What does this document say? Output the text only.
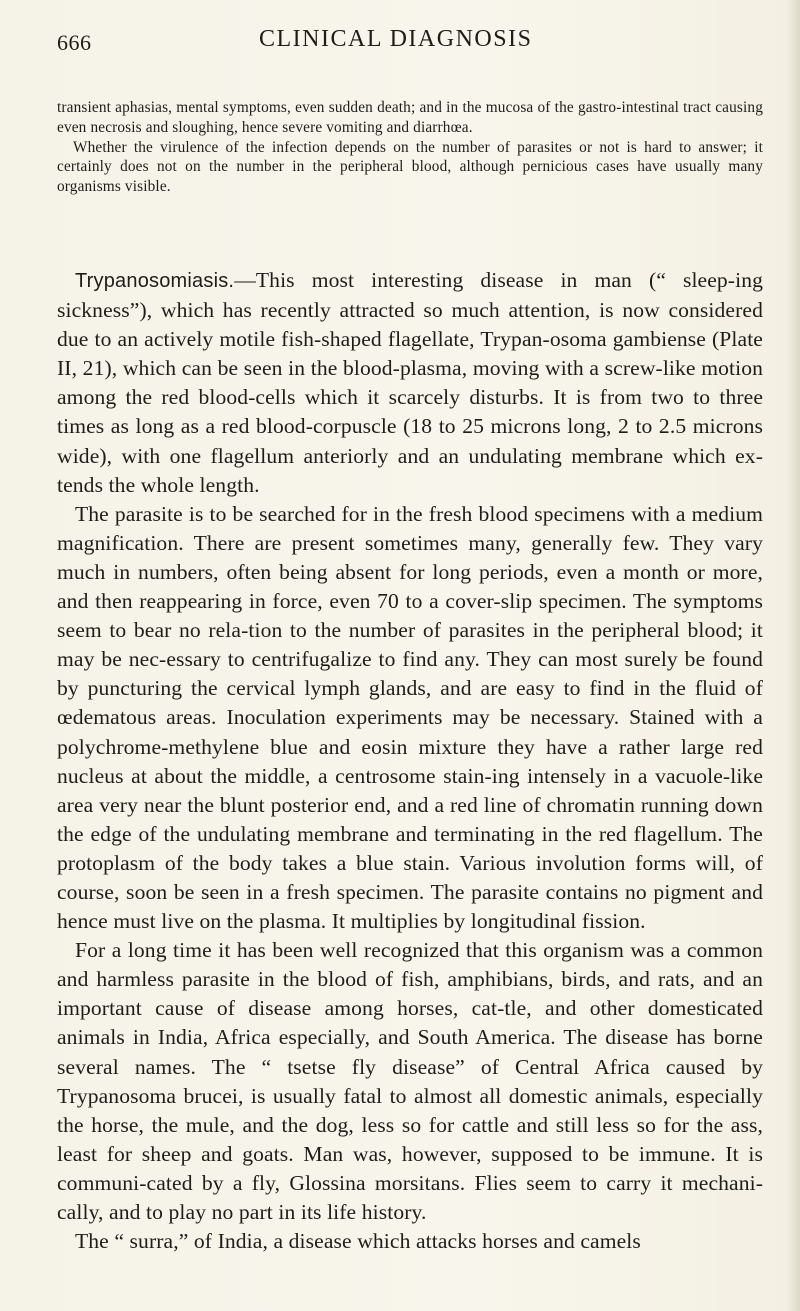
666	CLINICAL DIAGNOSIS

transient aphasias, mental symptoms, even sudden death; and in the mucosa of the gastro-intestinal tract causing even necrosis and sloughing, hence severe vomiting and diarrhœa.

Whether the virulence of the infection depends on the number of parasites or not is hard to answer; it certainly does not on the number in the peripheral blood, although pernicious cases have usually many organisms visible.

Trypanosomiasis.—This most interesting disease in man (“ sleep-ing sickness”), which has recently attracted so much attention, is now considered due to an actively motile fish-shaped flagellate, Trypan-osoma gambiense (Plate II, 21), which can be seen in the blood-plasma, moving with a screw-like motion among the red blood-cells which it scarcely disturbs. It is from two to three times as long as a red blood-corpuscle (18 to 25 microns long, 2 to 2.5 microns wide), with one flagellum anteriorly and an undulating membrane which ex-tends the whole length.

The parasite is to be searched for in the fresh blood specimens with a medium magnification. There are present sometimes many, generally few. They vary much in numbers, often being absent for long periods, even a month or more, and then reappearing in force, even 70 to a cover-slip specimen. The symptoms seem to bear no rela-tion to the number of parasites in the peripheral blood; it may be nec-essary to centrifugalize to find any. They can most surely be found by puncturing the cervical lymph glands, and are easy to find in the fluid of œdematous areas. Inoculation experiments may be necessary. Stained with a polychrome-methylene blue and eosin mixture they have a rather large red nucleus at about the middle, a centrosome stain-ing intensely in a vacuole-like area very near the blunt posterior end, and a red line of chromatin running down the edge of the undulating membrane and terminating in the red flagellum. The protoplasm of the body takes a blue stain. Various involution forms will, of course, soon be seen in a fresh specimen. The parasite contains no pigment and hence must live on the plasma. It multiplies by longitudinal fission.

For a long time it has been well recognized that this organism was a common and harmless parasite in the blood of fish, amphibians, birds, and rats, and an important cause of disease among horses, cat-tle, and other domesticated animals in India, Africa especially, and South America. The disease has borne several names. The “ tsetse fly disease” of Central Africa caused by Trypanosoma brucei, is usually fatal to almost all domestic animals, especially the horse, the mule, and the dog, less so for cattle and still less so for the ass, least for sheep and goats. Man was, however, supposed to be immune. It is communi-cated by a fly, Glossina morsitans. Flies seem to carry it mechani-cally, and to play no part in its life history.

The “ surra,” of India, a disease which attacks horses and camels
